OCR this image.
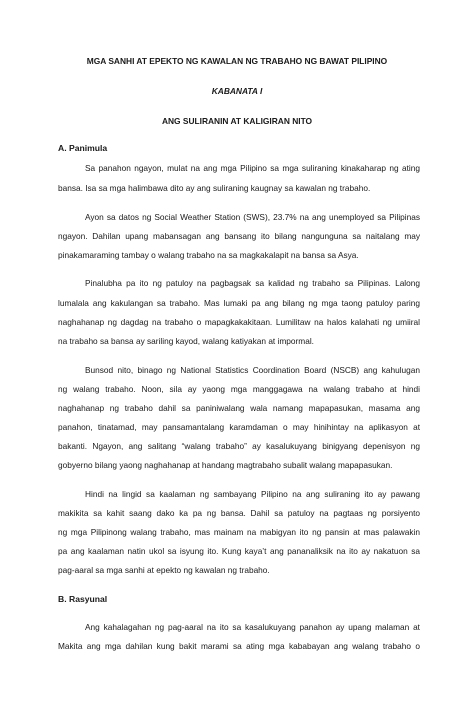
MGA SANHI AT EPEKTO NG KAWALAN NG TRABAHO NG BAWAT PILIPINO
KABANATA I
ANG SULIRANIN AT KALIGIRAN NITO
A. Panimula
Sa panahon ngayon, mulat na ang mga Pilipino sa mga suliraning kinakaharap ng ating
bansa. Isa sa mga halimbawa dito ay ang suliraning kaugnay sa kawalan ng trabaho.
Ayon sa datos ng Social Weather Station (SWS), 23.7% na ang unemployed sa Pilipinas
ngayon. Dahilan upang mabansagan ang bansang ito bilang nangunguna sa naitalang may
pinakamaraming tambay o walang trabaho na sa magkakalapit na bansa sa Asya.
Pinalubha pa ito ng patuloy na pagbagsak sa kalidad ng trabaho sa Pilipinas. Lalong
lumalala ang kakulangan sa trabaho. Mas lumaki pa ang bilang ng mga taong patuloy paring
naghahanap ng dagdag na trabaho o mapagkakakitaan. Lumilitaw na halos kalahati ng umiiral
na trabaho sa bansa ay sariling kayod, walang katiyakan at impormal.
Bunsod nito, binago ng National Statistics Coordination Board (NSCB) ang kahulugan
ng walang trabaho. Noon, sila ay yaong mga manggagawa na walang trabaho at hindi
naghahanap ng trabaho dahil sa paniniwalang wala namang mapapasukan, masama ang
panahon, tinatamad, may pansamantalang karamdaman o may hinihintay na aplikasyon at
bakanti. Ngayon, ang salitang “walang trabaho” ay kasalukuyang binigyang depenisyon ng
gobyerno bilang yaong naghahanap at handang magtrabaho subalit walang mapapasukan.
Hindi na lingid sa kaalaman ng sambayang Pilipino na ang suliraning ito ay pawang
makikita sa kahit saang dako ka pa ng bansa. Dahil sa patuloy na pagtaas ng porsiyento
ng mga Pilipinong walang trabaho, mas mainam na mabigyan ito ng pansin at mas palawakin
pa ang kaalaman natin ukol sa isyung ito. Kung kaya’t ang pananaliksik na ito ay nakatuon sa
pag-aaral sa mga sanhi at epekto ng kawalan ng trabaho.
B. Rasyunal
Ang kahalagahan ng pag-aaral na ito sa kasalukuyang panahon ay upang malaman at
Makita ang mga dahilan kung bakit marami sa ating mga kababayan ang walang trabaho o
